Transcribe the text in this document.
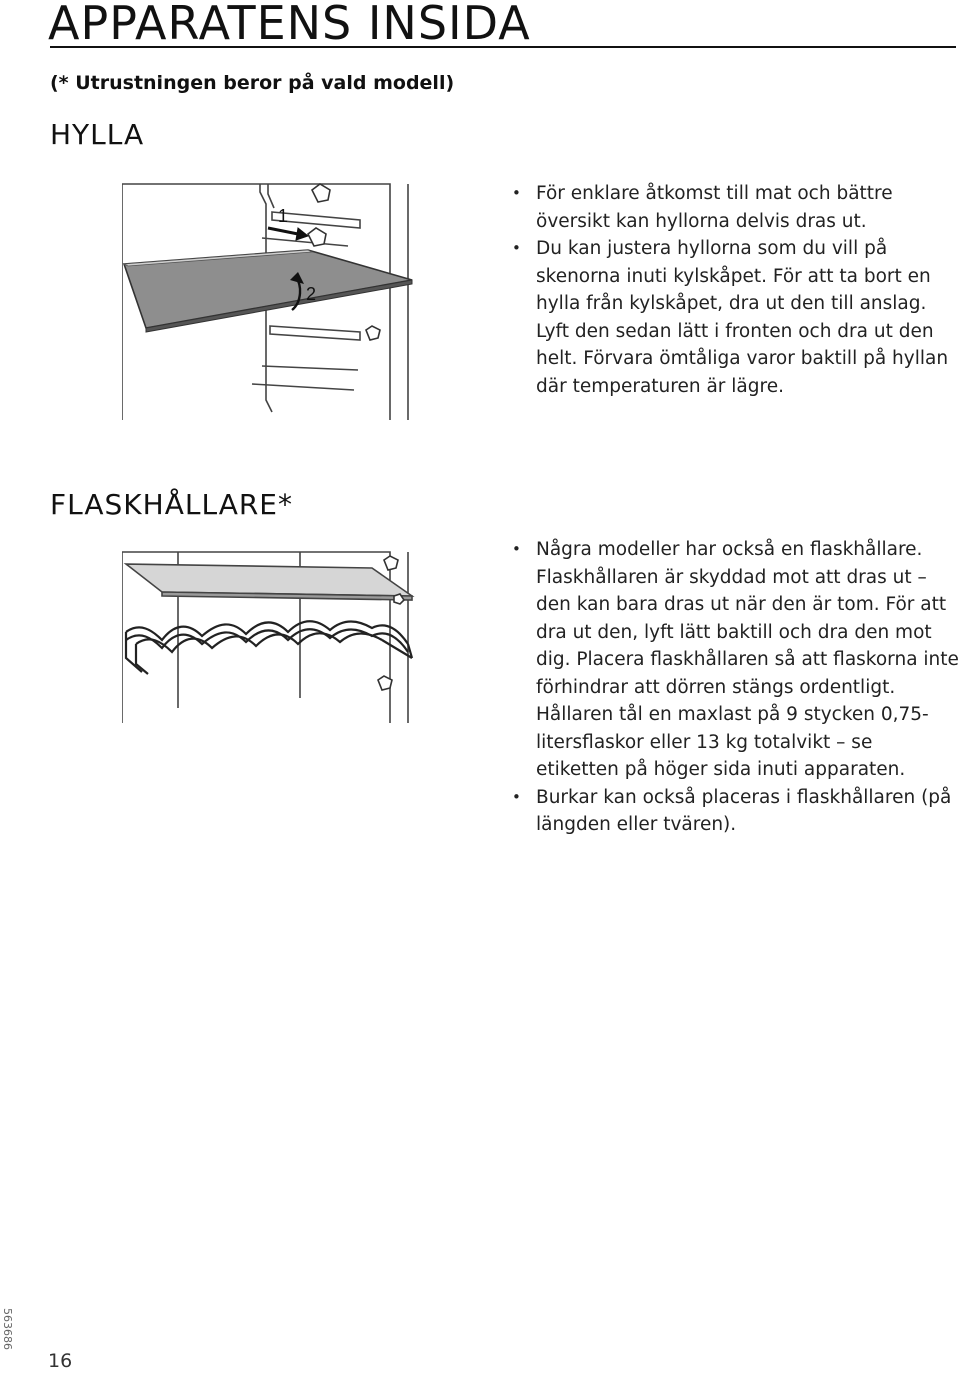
APPARATENS INSIDA
(* Utrustningen beror på vald modell)
HYLLA
1
2
• För enklare åtkomst till mat och bättre översikt kan hyllorna delvis dras ut.
• Du kan justera hyllorna som du vill på skenorna inuti kylskåpet. För att ta bort en hylla från kylskåpet, dra ut den till anslag. Lyft den sedan lätt i fronten och dra ut den helt. Förvara ömtåliga varor baktill på hyllan där temperaturen är lägre.
FLASKHÅLLARE*
• Några modeller har också en flaskhållare. Flaskhållaren är skyddad mot att dras ut – den kan bara dras ut när den är tom. För att dra ut den, lyft lätt baktill och dra den mot dig. Placera flaskhållaren så att flaskorna inte förhindrar att dörren stängs ordentligt. Hållaren tål en maxlast på 9 stycken 0,75-litersflaskor eller 13 kg totalvikt – se etiketten på höger sida inuti apparaten.
• Burkar kan också placeras i flaskhållaren (på längden eller tvären).
563686
16
